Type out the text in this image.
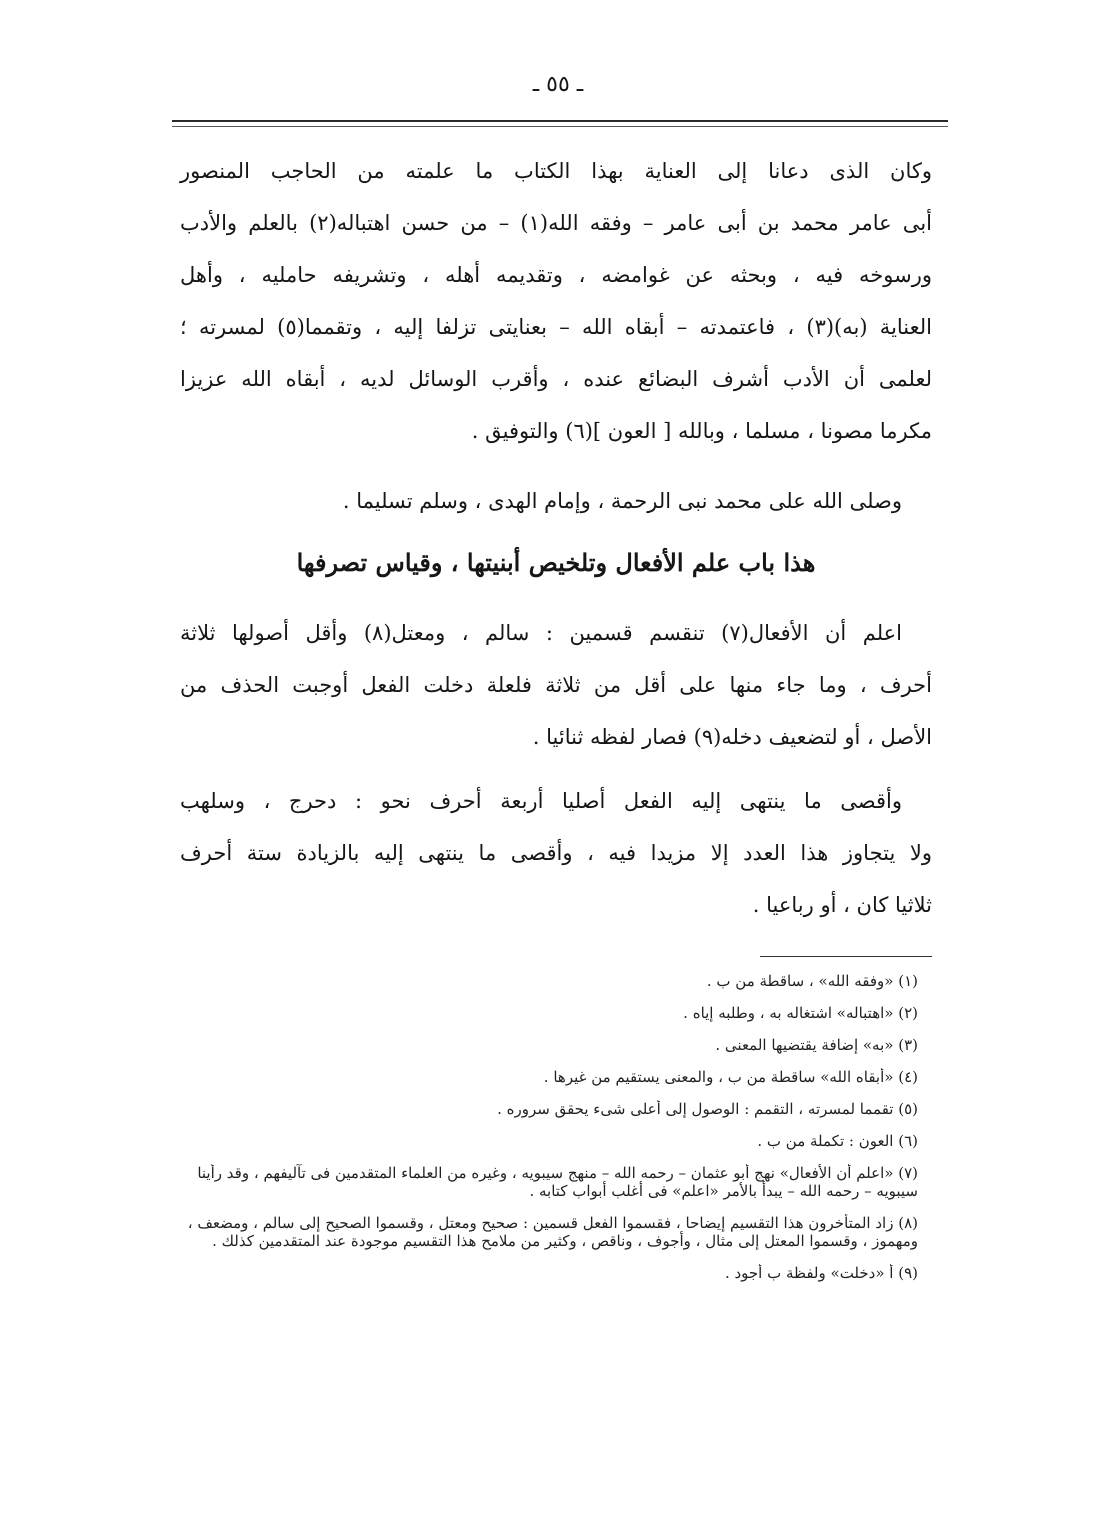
ـ ٥٥ ـ
وكان الذى دعانا إلى العناية بهذا الكتاب ما علمته من الحاجب المنصور
أبى عامر محمد بن أبى عامر – وفقه الله(١) – من حسن اهتباله(٢) بالعلم والأدب
ورسوخه فيه ، وبحثه عن غوامضه ، وتقديمه أهله ، وتشريفه حامليه ، وأهل
العناية (به)(٣) ، فاعتمدته – أبقاه الله – بعنايتى تزلفا إليه ، وتقمما(٥) لمسرته ؛
لعلمى أن الأدب أشرف البضائع عنده ، وأقرب الوسائل لديه ، أبقاه الله عزيزا
مكرما مصونا ، مسلما ، وبالله [ العون ](٦) والتوفيق .
وصلى الله على محمد نبى الرحمة ، وإمام الهدى ، وسلم تسليما .
هذا باب علم الأفعال وتلخيص أبنيتها ، وقياس تصرفها
اعلم أن الأفعال(٧) تنقسم قسمين : سالم ، ومعتل(٨) وأقل أصولها ثلاثة
أحرف ، وما جاء منها على أقل من ثلاثة فلعلة دخلت الفعل أوجبت الحذف من
الأصل ، أو لتضعيف دخله(٩) فصار لفظه ثنائيا .
وأقصى ما ينتهى إليه الفعل أصليا أربعة أحرف نحو : دحرج ، وسلهب
ولا يتجاوز هذا العدد إلا مزيدا فيه ، وأقصى ما ينتهى إليه بالزيادة ستة أحرف
ثلاثيا كان ، أو رباعيا .
(١) «وفقه الله» ، ساقطة من ب .
(٢) «اهتباله» اشتغاله به ، وطلبه إياه .
(٣) «به» إضافة يقتضيها المعنى .
(٤) «أبقاه الله» ساقطة من ب ، والمعنى يستقيم من غيرها .
(٥) تقمما لمسرته ، التقمم : الوصول إلى أعلى شىء يحقق سروره .
(٦) العون : تكملة من ب .
(٧) «اعلم أن الأفعال» نهج أبو عثمان – رحمه الله – منهج سيبويه ، وغيره من العلماء المتقدمين فى تآليفهم ، وقد رأينا سيبويه – رحمه الله – يبدأ بالأمر «اعلم» فى أغلب أبواب كتابه .
(٨) زاد المتأخرون هذا التقسيم إيضاحا ، فقسموا الفعل قسمين : صحيح ومعتل ، وقسموا الصحيح إلى سالم ، ومضعف ، ومهموز ، وقسموا المعتل إلى مثال ، وأجوف ، وناقص ، وكثير من ملامح هذا التقسيم موجودة عند المتقدمين كذلك .
(٩) أ «دخلت» ولفظة ب أجود .
